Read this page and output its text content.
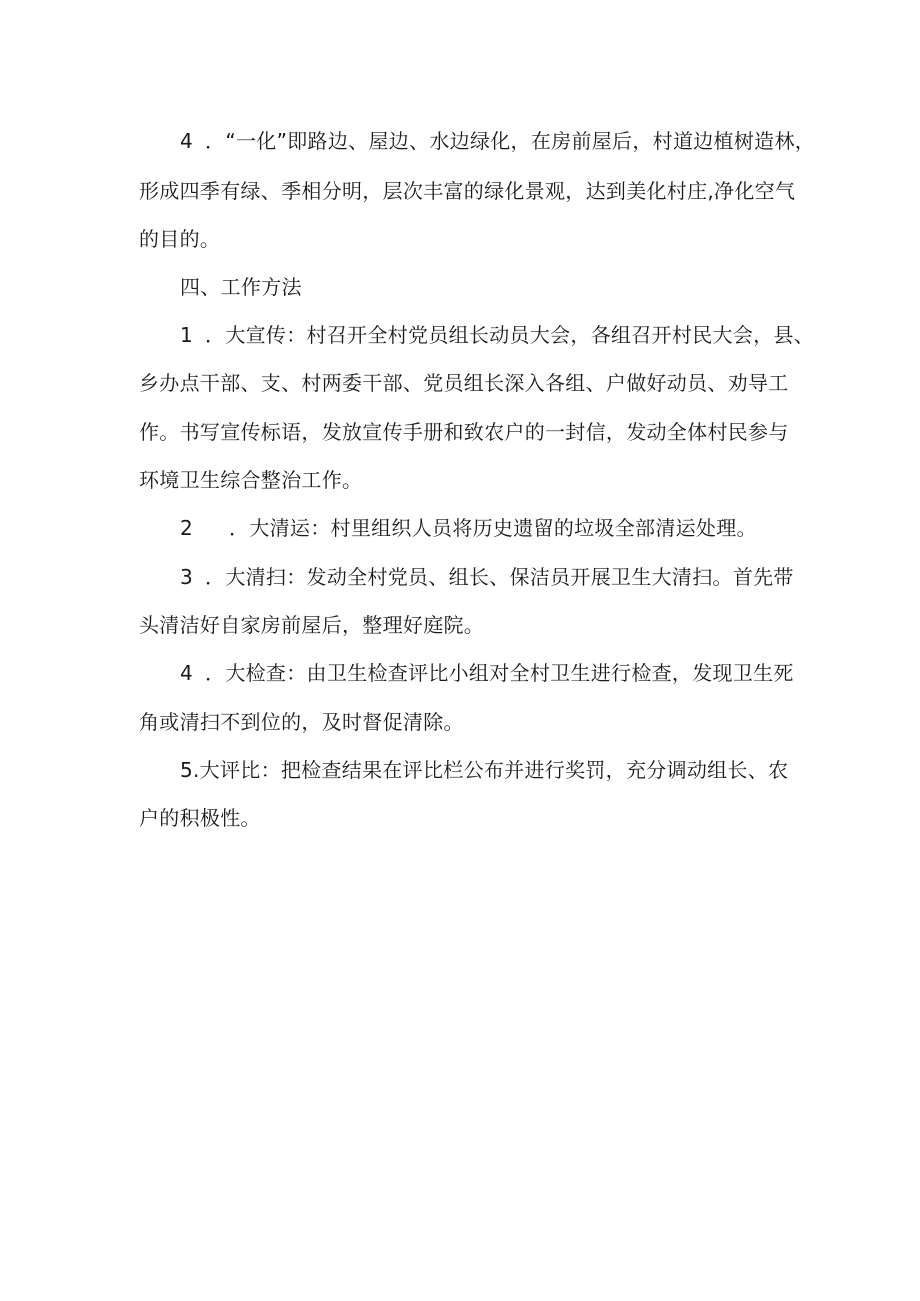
4 ．“一化”即路边、屋边、水边绿化，在房前屋后，村道边植树造林，
形成四季有绿、季相分明，层次丰富的绿化景观，达到美化村庄,净化空气
的目的。
四、工作方法
1 ．大宣传：村召开全村党员组长动员大会，各组召开村民大会，县、
乡办点干部、支、村两委干部、党员组长深入各组、户做好动员、劝导工
作。书写宣传标语，发放宣传手册和致农户的一封信，发动全体村民参与
环境卫生综合整治工作。
2 ．大清运：村里组织人员将历史遗留的垃圾全部清运处理。
3 ．大清扫：发动全村党员、组长、保洁员开展卫生大清扫。首先带
头清洁好自家房前屋后，整理好庭院。
4 ．大检查：由卫生检查评比小组对全村卫生进行检查，发现卫生死
角或清扫不到位的，及时督促清除。
5.大评比：把检查结果在评比栏公布并进行奖罚，充分调动组长、农
户的积极性。
